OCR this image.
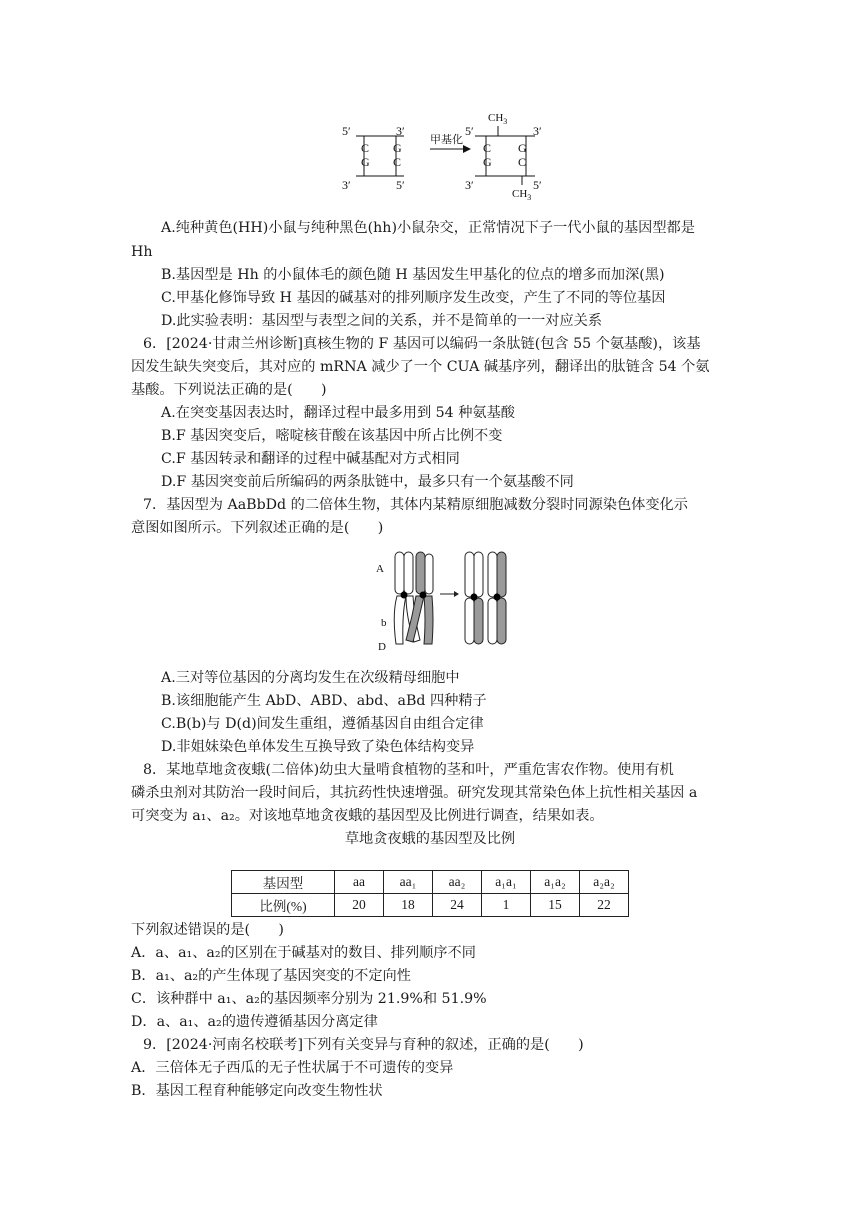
5′	3′
3′	5′
C
G
G
C
甲基化
5′	3′
3′	5′
C
G
G
C
$CH_3$
$CH_3$
A.纯种黄色(HH)小鼠与纯种黑色(hh)小鼠杂交，正常情况下子一代小鼠的基因型都是
Hh
B.基因型是 Hh 的小鼠体毛的颜色随 H 基因发生甲基化的位点的增多而加深(黑)
C.甲基化修饰导致 H 基因的碱基对的排列顺序发生改变，产生了不同的等位基因
D.此实验表明：基因型与表型之间的关系，并不是简单的一一对应关系
6．[2024·甘肃兰州诊断]真核生物的 F 基因可以编码一条肽链(包含 55 个氨基酸)，该基
因发生缺失突变后，其对应的 mRNA 减少了一个 CUA 碱基序列，翻译出的肽链含 54 个氨
基酸。下列说法正确的是(　　)
A.在突变基因表达时，翻译过程中最多用到 54 种氨基酸
B.F 基因突变后，嘧啶核苷酸在该基因中所占比例不变
C.F 基因转录和翻译的过程中碱基配对方式相同
D.F 基因突变前后所编码的两条肽链中，最多只有一个氨基酸不同
7．基因型为 AaBbDd 的二倍体生物，其体内某精原细胞减数分裂时同源染色体变化示
意图如图所示。下列叙述正确的是(　　)
A
b
D
A.三对等位基因的分离均发生在次级精母细胞中
B.该细胞能产生 AbD、ABD、abd、aBd 四种精子
C.B(b)与 D(d)间发生重组，遵循基因自由组合定律
D.非姐妹染色单体发生互换导致了染色体结构变异
8．某地草地贪夜蛾(二倍体)幼虫大量啃食植物的茎和叶，严重危害农作物。使用有机
磷杀虫剂对其防治一段时间后，其抗药性快速增强。研究发现其常染色体上抗性相关基因 a
可突变为 a₁、a₂。对该地草地贪夜蛾的基因型及比例进行调查，结果如表。
草地贪夜蛾的基因型及比例
基因型	aa	aa₁	aa₂	a₁a₁	a₁a₂	a₂a₂
比例(%)	20	18	24	1	15	22
下列叙述错误的是(　　)
A．a、a₁、a₂的区别在于碱基对的数目、排列顺序不同
B．a₁、a₂的产生体现了基因突变的不定向性
C．该种群中 a₁、a₂的基因频率分别为 21.9%和 51.9%
D．a、a₁、a₂的遗传遵循基因分离定律
9．[2024·河南名校联考]下列有关变异与育种的叙述，正确的是(　　)
A．三倍体无子西瓜的无子性状属于不可遗传的变异
B．基因工程育种能够定向改变生物性状
